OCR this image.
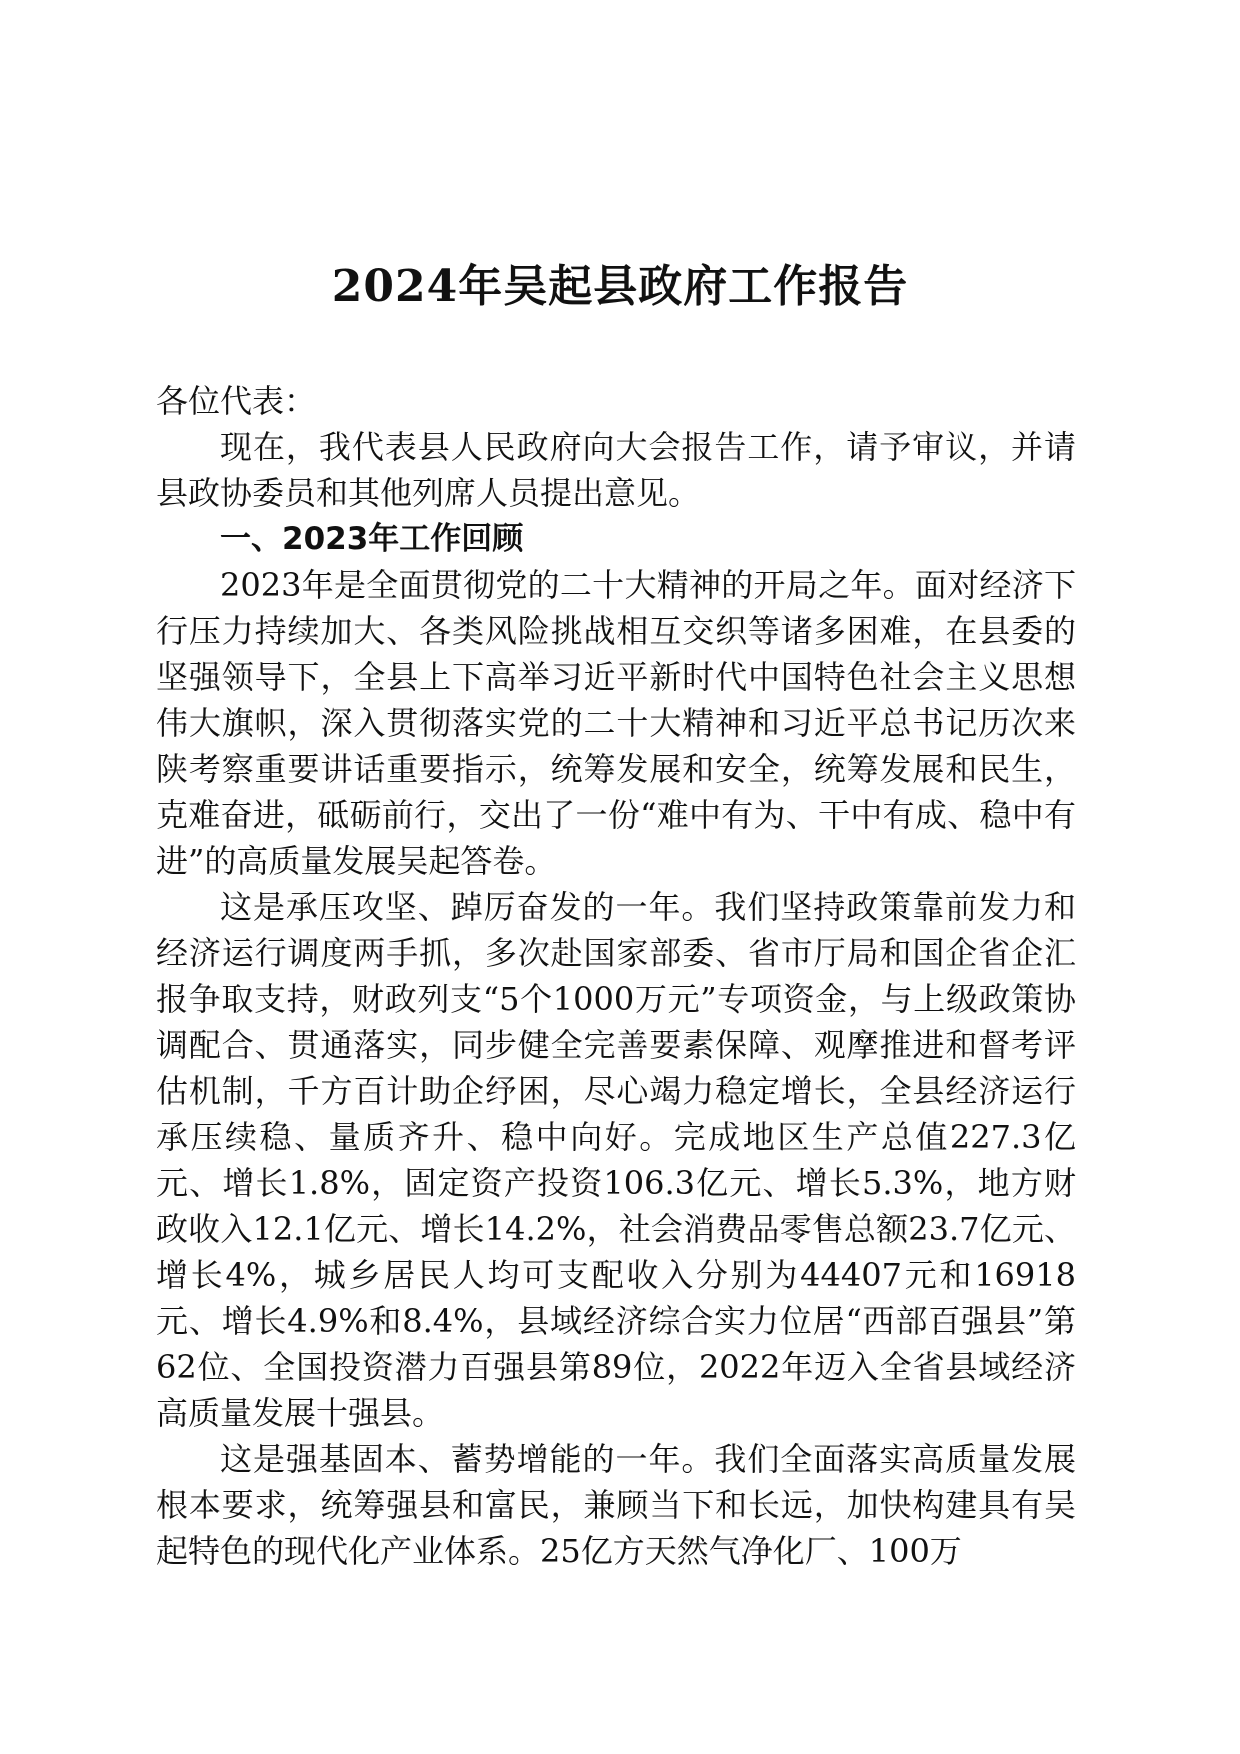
2024年吴起县政府工作报告

各位代表：

现在，我代表县人民政府向大会报告工作，请予审议，并请县政协委员和其他列席人员提出意见。

一、2023年工作回顾

2023年是全面贯彻党的二十大精神的开局之年。面对经济下行压力持续加大、各类风险挑战相互交织等诸多困难，在县委的坚强领导下，全县上下高举习近平新时代中国特色社会主义思想伟大旗帜，深入贯彻落实党的二十大精神和习近平总书记历次来陕考察重要讲话重要指示，统筹发展和安全，统筹发展和民生，克难奋进，砥砺前行，交出了一份“难中有为、干中有成、稳中有进”的高质量发展吴起答卷。

这是承压攻坚、踔厉奋发的一年。我们坚持政策靠前发力和经济运行调度两手抓，多次赴国家部委、省市厅局和国企省企汇报争取支持，财政列支“5个1000万元”专项资金，与上级政策协调配合、贯通落实，同步健全完善要素保障、观摩推进和督考评估机制，千方百计助企纾困，尽心竭力稳定增长，全县经济运行承压续稳、量质齐升、稳中向好。完成地区生产总值227.3亿元、增长1.8%，固定资产投资106.3亿元、增长5.3%，地方财政收入12.1亿元、增长14.2%，社会消费品零售总额23.7亿元、增长4%，城乡居民人均可支配收入分别为44407元和16918元、增长4.9%和8.4%，县域经济综合实力位居“西部百强县”第62位、全国投资潜力百强县第89位，2022年迈入全省县域经济高质量发展十强县。

这是强基固本、蓄势增能的一年。我们全面落实高质量发展根本要求，统筹强县和富民，兼顾当下和长远，加快构建具有吴起特色的现代化产业体系。25亿方天然气净化厂、100万
